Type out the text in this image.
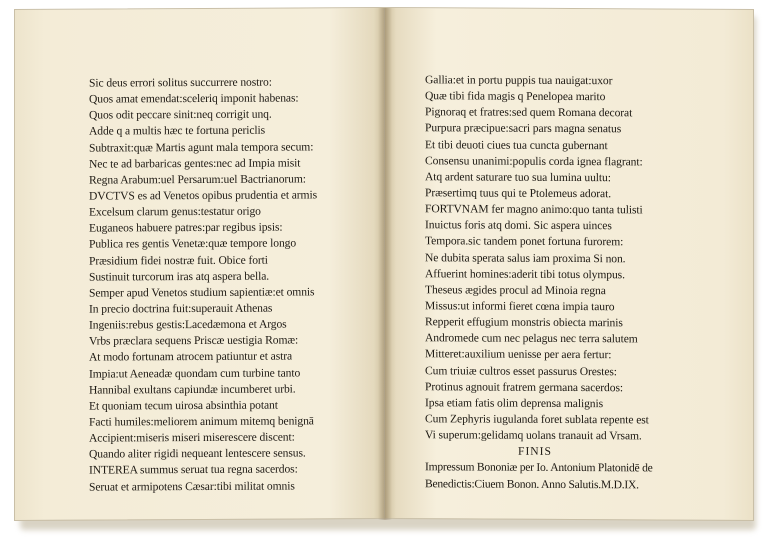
Sic deus errori solitus succurrere nostro:
Quos amat emendat:sceleriq imponit habenas:
Quos odit peccare sinit:neq corrigit unq.
Adde q a multis hæc te fortuna periclis
Subtraxit:quæ Martis agunt mala tempora secum:
Nec te ad barbaricas gentes:nec ad Impia misit
Regna Arabum:uel Persarum:uel Bactrianorum:
DVCTVS es ad Venetos opibus prudentia et armis
Excelsum clarum genus:testatur origo
Euganeos habuere patres:par regibus ipsis:
Publica res gentis Venetæ:quæ tempore longo
Præsidium fidei nostræ fuit. Obice forti
Sustinuit turcorum iras atq aspera bella.
Semper apud Venetos studium sapientiæ:et omnis
In precio doctrina fuit:superauit Athenas
Ingeniis:rebus gestis:Lacedæmona et Argos
Vrbs præclara sequens Priscæ uestigia Romæ:
At modo fortunam atrocem patiuntur et astra
Impia:ut Aeneadæ quondam cum turbine tanto
Hannibal exultans capiundæ incumberet urbi.
Et quoniam tecum uirosa absinthia potant
Facti humiles:meliorem animum mitemq benignā
Accipient:miseris miseri miserescere discent:
Quando aliter rigidi nequeant lentescere sensus.
INTEREA summus seruat tua regna sacerdos:
Seruat et armipotens Cæsar:tibi militat omnis
Gallia:et in portu puppis tua nauigat:uxor
Quæ tibi fida magis q Penelopea marito
Pignoraq et fratres:sed quem Romana decorat
Purpura præcipue:sacri pars magna senatus
Et tibi deuoti ciues tua cuncta gubernant
Consensu unanimi:populis corda ignea flagrant:
Atq ardent saturare tuo sua lumina uultu:
Præsertimq tuus qui te Ptolemeus adorat.
FORTVNAM fer magno animo:quo tanta tulisti
Inuictus foris atq domi. Sic aspera uinces
Tempora.sic tandem ponet fortuna furorem:
Ne dubita sperata salus iam proxima Si non.
Affuerint homines:aderit tibi totus olympus.
Theseus ægides procul ad Minoia regna
Missus:ut informi fieret cœna impia tauro
Repperit effugium monstris obiecta marinis
Andromede cum nec pelagus nec terra salutem
Mitteret:auxilium uenisse per aera fertur:
Cum triuiæ cultros esset passurus Orestes:
Protinus agnouit fratrem germana sacerdos:
Ipsa etiam fatis olim deprensa malignis
Cum Zephyris iugulanda foret sublata repente est
Vi superum:gelidamq uolans tranauit ad Vrsam.
FINIS
Impressum Bononiæ per Io. Antonium Platonidē de
Benedictis:Ciuem Bonon. Anno Salutis.M.D.IX.
